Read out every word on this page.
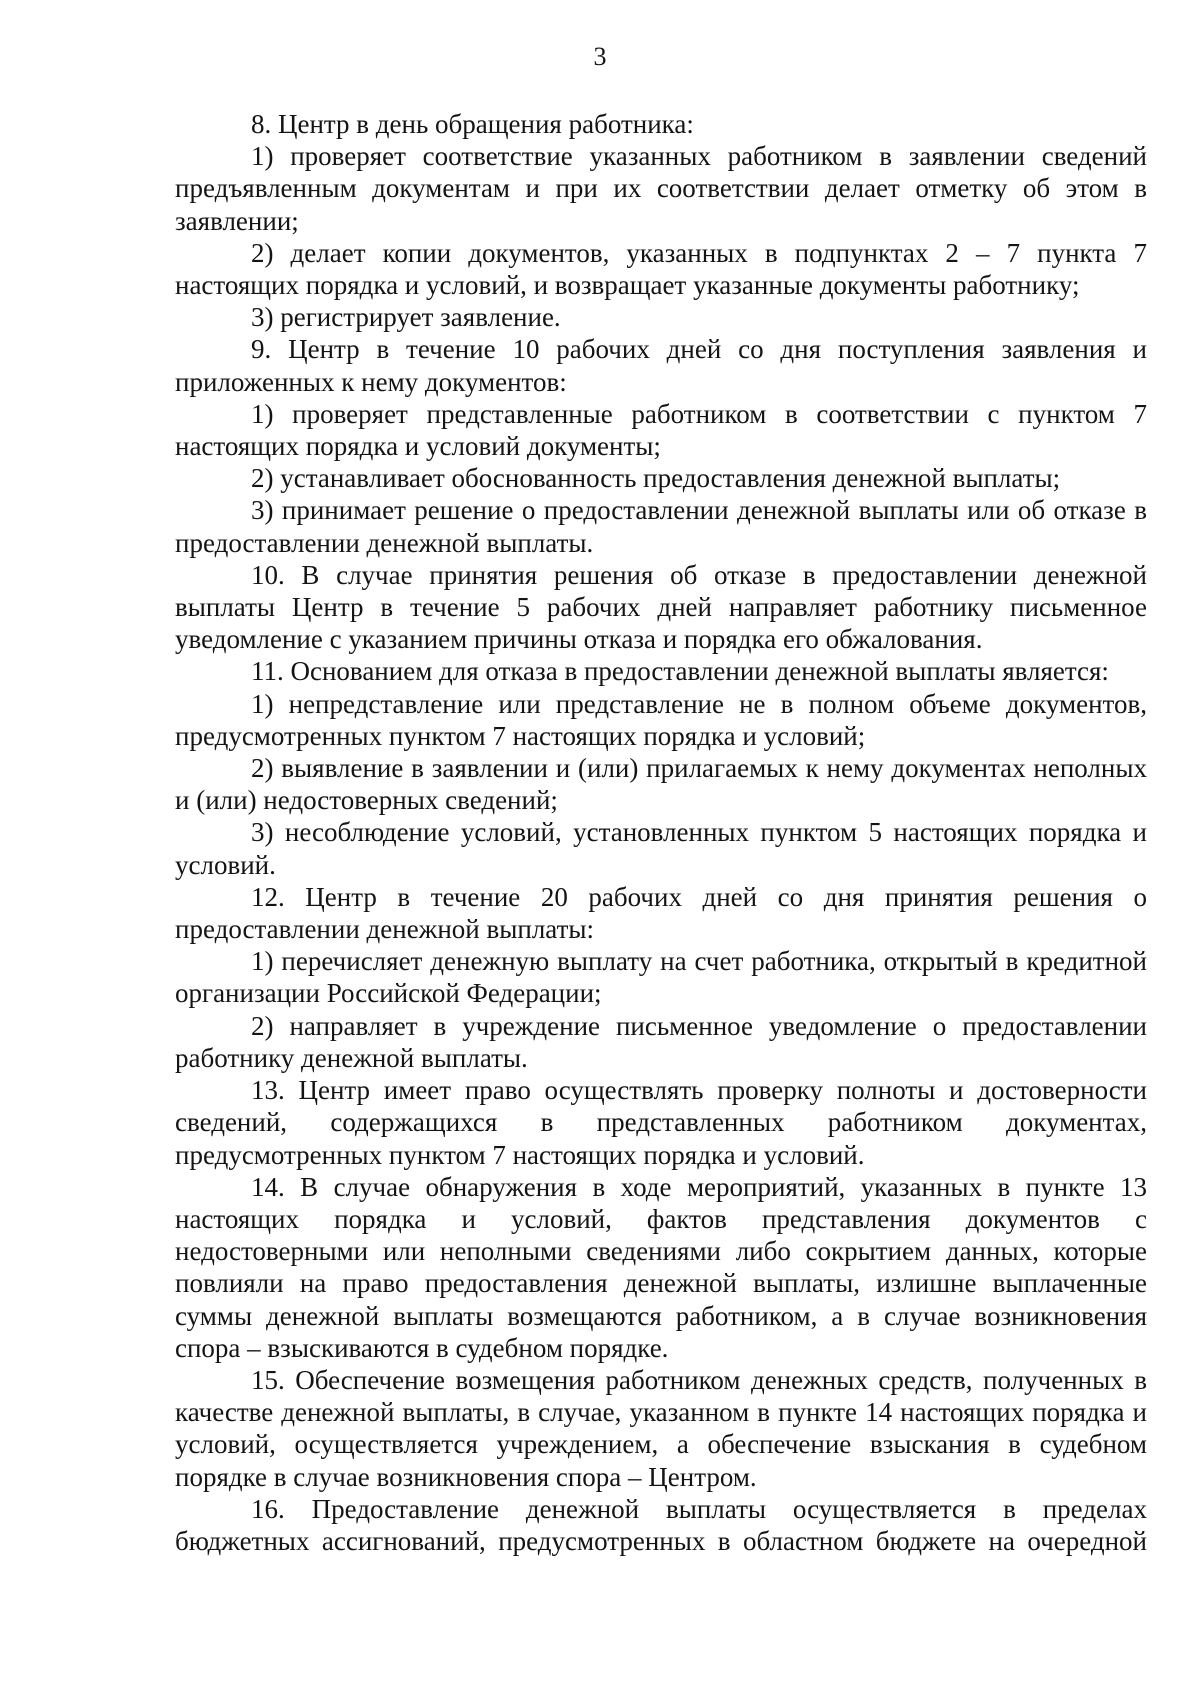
3

8. Центр в день обращения работника:

1) проверяет соответствие указанных работником в заявлении сведений предъявленным документам и при их соответствии делает отметку об этом в заявлении;

2) делает копии документов, указанных в подпунктах 2 – 7 пункта 7 настоящих порядка и условий, и возвращает указанные документы работнику;

3) регистрирует заявление.

9. Центр в течение 10 рабочих дней со дня поступления заявления и приложенных к нему документов:

1) проверяет представленные работником в соответствии с пунктом 7 настоящих порядка и условий документы;

2) устанавливает обоснованность предоставления денежной выплаты;

3) принимает решение о предоставлении денежной выплаты или об отказе в предоставлении денежной выплаты.

10. В случае принятия решения об отказе в предоставлении денежной выплаты Центр в течение 5 рабочих дней направляет работнику письменное уведомление с указанием причины отказа и порядка его обжалования.

11. Основанием для отказа в предоставлении денежной выплаты является:

1) непредставление или представление не в полном объеме документов, предусмотренных пунктом 7 настоящих порядка и условий;

2) выявление в заявлении и (или) прилагаемых к нему документах неполных и (или) недостоверных сведений;

3) несоблюдение условий, установленных пунктом 5 настоящих порядка и условий.

12. Центр в течение 20 рабочих дней со дня принятия решения о предоставлении денежной выплаты:

1) перечисляет денежную выплату на счет работника, открытый в кредитной организации Российской Федерации;

2) направляет в учреждение письменное уведомление о предоставлении работнику денежной выплаты.

13. Центр имеет право осуществлять проверку полноты и достоверности сведений, содержащихся в представленных работником документах, предусмотренных пунктом 7 настоящих порядка и условий.

14. В случае обнаружения в ходе мероприятий, указанных в пункте 13 настоящих порядка и условий, фактов представления документов с недостоверными или неполными сведениями либо сокрытием данных, которые повлияли на право предоставления денежной выплаты, излишне выплаченные суммы денежной выплаты возмещаются работником, а в случае возникновения спора – взыскиваются в судебном порядке.

15. Обеспечение возмещения работником денежных средств, полученных в качестве денежной выплаты, в случае, указанном в пункте 14 настоящих порядка и условий, осуществляется учреждением, а обеспечение взыскания в судебном порядке в случае возникновения спора – Центром.

16. Предоставление денежной выплаты осуществляется в пределах бюджетных ассигнований, предусмотренных в областном бюджете на очередной
